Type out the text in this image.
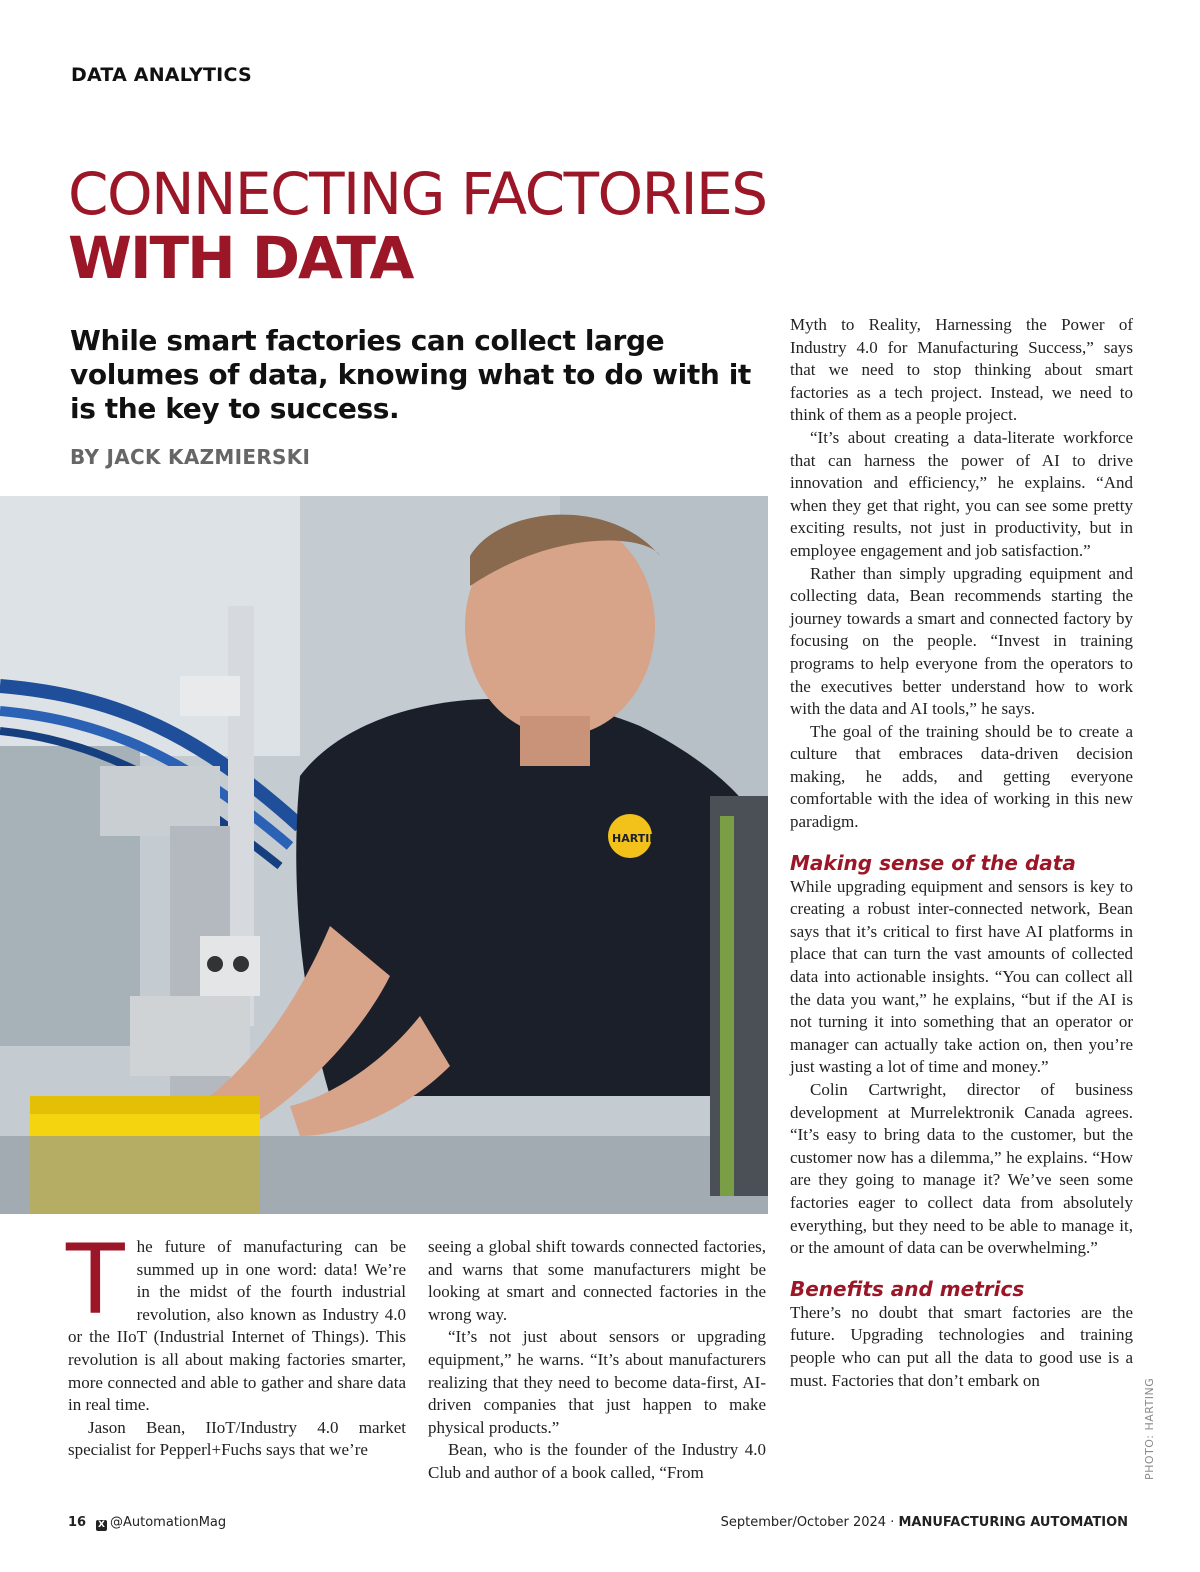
DATA ANALYTICS
CONNECTING FACTORIES
WITH DATA

While smart factories can collect large volumes of data, knowing what to do with it is the key to success.

BY JACK KAZMIERSKI
HARTIN

The future of manufacturing can be summed up in one word: data! We’re in the midst of the fourth industrial revolution, also known as Industry 4.0 or the IIoT (Industrial Internet of Things). This revolution is all about making factories smarter, more connected and able to gather and share data in real time.

Jason Bean, IIoT/Industry 4.0 market specialist for Pepperl+Fuchs says that we’re

seeing a global shift towards connected factories, and warns that some manufacturers might be looking at smart and connected factories in the wrong way.

“It’s not just about sensors or upgrading equipment,” he warns. “It’s about manufacturers realizing that they need to become data-first, AI-driven companies that just happen to make physical products.”

Bean, who is the founder of the Industry 4.0 Club and author of a book called, “From

Myth to Reality, Harnessing the Power of Industry 4.0 for Manufacturing Success,” says that we need to stop thinking about smart factories as a tech project. Instead, we need to think of them as a people project.

“It’s about creating a data-literate workforce that can harness the power of AI to drive innovation and efficiency,” he explains. “And when they get that right, you can see some pretty exciting results, not just in productivity, but in employee engagement and job satisfaction.”

Rather than simply upgrading equipment and collecting data, Bean recommends starting the journey towards a smart and connected factory by focusing on the people. “Invest in training programs to help everyone from the operators to the executives better understand how to work with the data and AI tools,” he says.

The goal of the training should be to create a culture that embraces data-driven decision making, he adds, and getting everyone comfortable with the idea of working in this new paradigm.

Making sense of the data

While upgrading equipment and sensors is key to creating a robust inter-connected network, Bean says that it’s critical to first have AI platforms in place that can turn the vast amounts of collected data into actionable insights. “You can collect all the data you want,” he explains, “but if the AI is not turning it into something that an operator or manager can actually take action on, then you’re just wasting a lot of time and money.”

Colin Cartwright, director of business development at Murrelektronik Canada agrees. “It’s easy to bring data to the customer, but the customer now has a dilemma,” he explains. “How are they going to manage it? We’ve seen some factories eager to collect data from absolutely everything, but they need to be able to manage it, or the amount of data can be overwhelming.”

Benefits and metrics

There’s no doubt that smart factories are the future. Upgrading technologies and training people who can put all the data to good use is a must. Factories that don’t embark on	PHOTO: HARTING
16 X @AutomationMag	September/October 2024 · MANUFACTURING AUTOMATION
